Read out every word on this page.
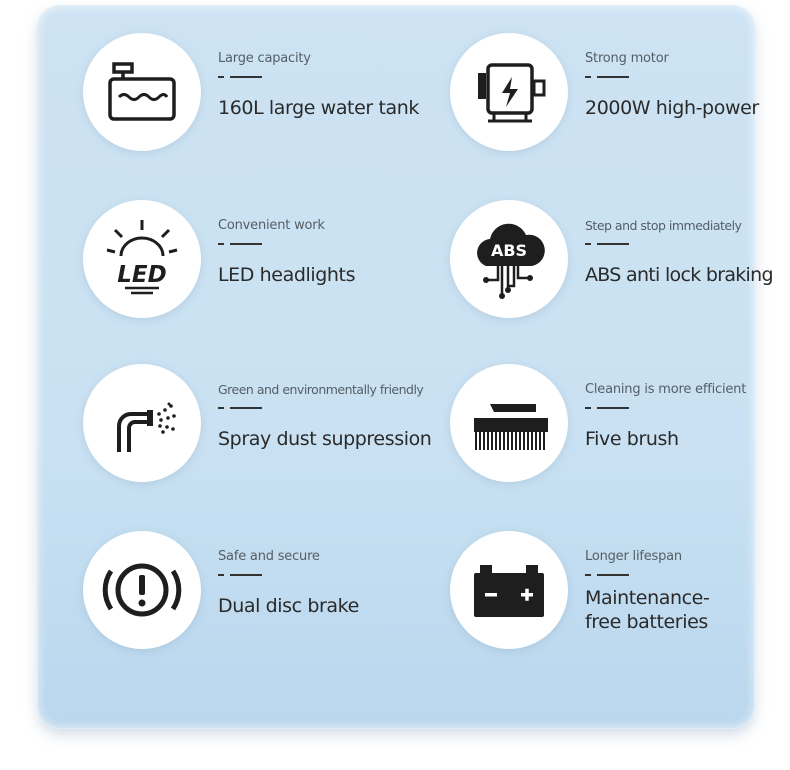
Large capacity
160L large water tank
Strong motor
2000W high-power
LED
Convenient work
LED headlights
ABS
Step and stop immediately
ABS anti lock braking
Green and environmentally friendly
Spray dust suppression
Cleaning is more efficient
Five brush
Safe and secure
Dual disc brake
Longer lifespan
Maintenance-free batteries
